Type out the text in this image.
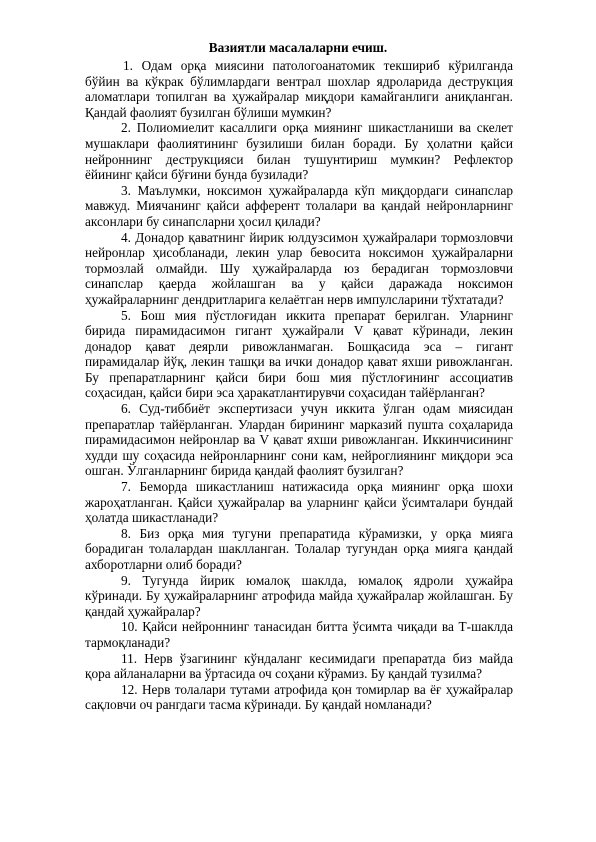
Вазиятли масалаларни ечиш.

1. Одам орқа миясини патологоанатомик текшириб кўрилганда бўйин ва кўкрак бўлимлардаги вентрал шохлар ядроларида деструкция аломатлари топилган ва ҳужайралар миқдори камайганлиги аниқланган. Қандай фаолият бузилган бўлиши мумкин?

2. Полиомиелит касаллиги орқа миянинг шикастланиши ва скелет мушаклари фаолиятининг бузилиши билан боради. Бу ҳолатни қайси нейроннинг деструкцияси билан тушунтириш мумкин? Рефлектор ёйининг қайси бўғини бунда бузилади?

3. Маълумки, ноксимон ҳужайраларда кўп миқдордаги синапслар мавжуд. Миячанинг қайси афферент толалари ва қандай нейронларнинг аксонлари бу синапсларни ҳосил қилади?

4. Донадор қаватнинг йирик юлдузсимон ҳужайралари тормозловчи нейронлар ҳисобланади, лекин улар бевосита ноксимон ҳужайраларни тормозлай олмайди. Шу ҳужайраларда юз берадиган тормозловчи синапслар қаерда жойлашган ва у қайси даражада ноксимон ҳужайраларнинг дендритларига келаётган нерв импулсларини тўхтатади?

5. Бош мия пўстлоғидан иккита препарат берилган. Уларнинг бирида пирамидасимон гигант ҳужайрали V қават кўринади, лекин донадор қават деярли ривожланмаган. Бошқасида эса – гигант пирамидалар йўқ, лекин ташқи ва ички донадор қават яхши ривожланган. Бу препаратларнинг қайси бири бош мия пўстлоғининг ассоциатив соҳасидан, қайси бири эса ҳаракатлантирувчи соҳасидан тайёрланган?

6. Суд-тиббиёт экспертизаси учун иккита ўлган одам миясидан препаратлар тайёрланган. Улардан бирининг марказий пушта соҳаларида пирамидасимон нейронлар ва V қават яхши ривожланган. Иккинчисининг худди шу соҳасида нейронларнинг сони кам, нейроглиянинг миқдори эса ошган. Ўлганларнинг бирида қандай фаолият бузилган?

7. Беморда шикастланиш натижасида орқа миянинг орқа шохи жароҳатланган. Қайси ҳужайралар ва уларнинг қайси ўсимталари бундай ҳолатда шикастланади?

8. Биз орқа мия тугуни препаратида кўрамизки, у орқа мияга борадиган толалардан шаклланган. Толалар тугундан орқа мияга қандай ахборотларни олиб боради?

9. Тугунда йирик юмалоқ шаклда, юмалоқ ядроли ҳужайра кўринади. Бу ҳужайраларнинг атрофида майда ҳужайралар жойлашган. Бу қандай ҳужайралар?

10. Қайси нейроннинг танасидан битта ўсимта чиқади ва Т-шаклда тармоқланади?

11. Нерв ўзагининг кўндаланг кесимидаги препаратда биз майда қора айланаларни ва ўртасида оч соҳани кўрамиз. Бу қандай тузилма?

12. Нерв толалари тутами атрофида қон томирлар ва ёғ ҳужайралар сақловчи оч рангдаги тасма кўринади. Бу қандай номланади?
